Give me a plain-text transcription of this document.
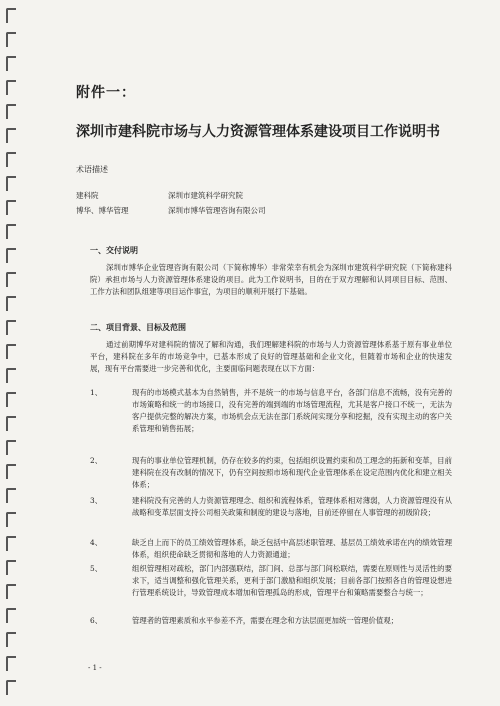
附件一：
深圳市建科院市场与人力资源管理体系建设项目工作说明书
术语描述
建科院	深圳市建筑科学研究院
博华、博华管理	深圳市博华管理咨询有限公司
一、交付说明
深圳市博华企业管理咨询有限公司（下简称博华）非常荣幸有机会为深圳市建筑科学研究院（下简称建科院）承担市场与人力资源管理体系建设的项目。此为工作说明书，目的在于双方理解和认同项目目标、范围、工作方法和团队组建等项目运作事宜，为项目的顺利开展打下基础。
二、项目背景、目标及范围
通过前期博华对建科院的情况了解和沟通，我们理解建科院的市场与人力资源管理体系基于原有事业单位平台，建科院在多年的市场竞争中，已基本形成了良好的管理基础和企业文化，但随着市场和企业的快速发展，现有平台需要进一步完善和优化，主要面临问题表现在以下方面：
1、	现有的市场模式基本为自然销售，并不是统一的市场与信息平台，各部门信息不流畅，没有完善的市场策略和统一的市场接口，没有完善的端到端的市场管理流程，尤其是客户接口不统一，无法为客户提供完整的解决方案，市场机会点无法在部门系统间实现分享和挖掘，没有实现主动的客户关系管理和销售拓展；
2、	现有的事业单位管理机制，仍存在较多的约束，包括组织设置约束和员工理念的拓新和变革，目前建科院在没有改制的情况下，仍有空间按照市场和现代企业管理体系在设定范围内优化和建立相关体系；
3、	建科院没有完善的人力资源管理理念、组织和流程体系，管理体系相对薄弱，人力资源管理没有从战略和变革层面支持公司相关政策和制度的建设与落地，目前还停留在人事管理的初级阶段；
4、	缺乏自上而下的员工绩效管理体系，缺乏包括中高层述职管理、基层员工绩效承诺在内的绩效管理体系，组织使命缺乏贯彻和落地的人力资源通道；
5、	组织管理相对疏松，部门内部强联结，部门间、总部与部门间松联结，需要在原则性与灵活性的要求下，适当调整和强化管理关系，更利于部门激励和组织发展；目前各部门按照各自的管理设想进行管理系统设计，导致管理成本增加和管理孤岛的形成，管理平台和策略需要整合与统一；
6、	管理者的管理素质和水平参差不齐，需要在理念和方法层面更加统一管理价值观；
- 1 -
